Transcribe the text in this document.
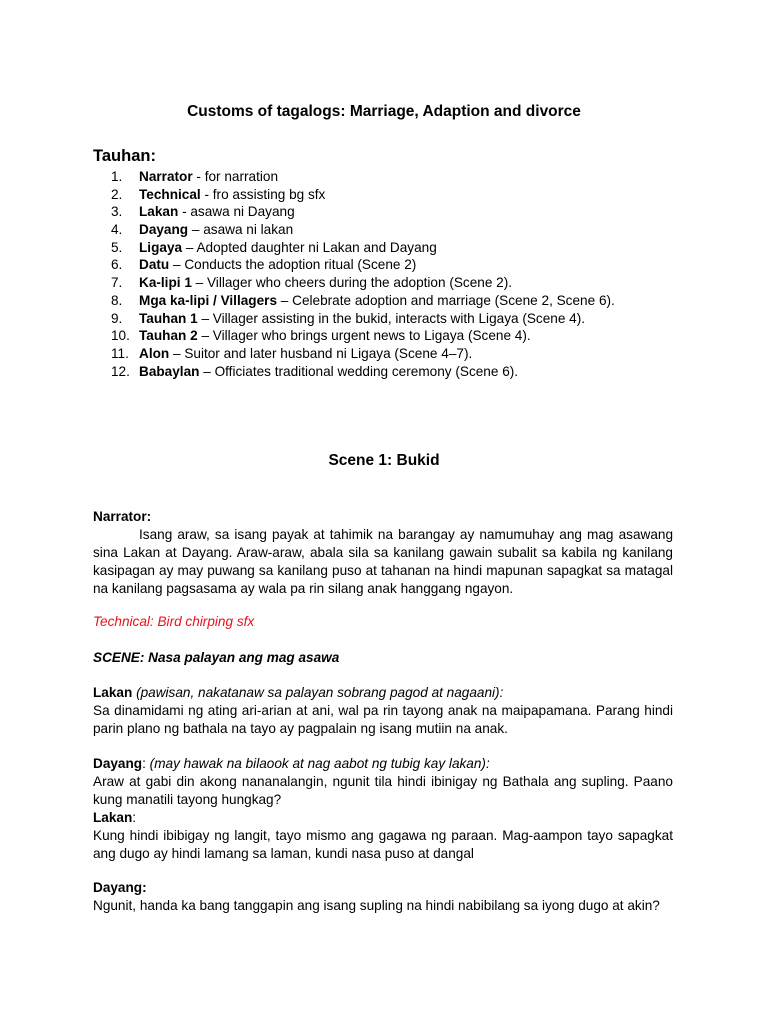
Customs of tagalogs: Marriage, Adaption and divorce
Tauhan:
1. Narrator - for narration
2. Technical - fro assisting bg sfx
3. Lakan - asawa ni Dayang
4. Dayang – asawa ni lakan
5. Ligaya – Adopted daughter ni Lakan and Dayang
6. Datu – Conducts the adoption ritual (Scene 2)
7. Ka-lipi 1 – Villager who cheers during the adoption (Scene 2).
8. Mga ka-lipi / Villagers – Celebrate adoption and marriage (Scene 2, Scene 6).
9. Tauhan 1 – Villager assisting in the bukid, interacts with Ligaya (Scene 4).
10. Tauhan 2 – Villager who brings urgent news to Ligaya (Scene 4).
11. Alon – Suitor and later husband ni Ligaya (Scene 4–7).
12. Babaylan – Officiates traditional wedding ceremony (Scene 6).
Scene 1: Bukid
Narrator:
Isang araw, sa isang payak at tahimik na barangay ay namumuhay ang mag asawang sina Lakan at Dayang. Araw-araw, abala sila sa kanilang gawain subalit sa kabila ng kanilang kasipagan ay may puwang sa kanilang puso at tahanan na hindi mapunan sapagkat sa matagal na kanilang pagsasama ay wala pa rin silang anak hanggang ngayon.
Technical: Bird chirping sfx
SCENE: Nasa palayan ang mag asawa
Lakan (pawisan, nakatanaw sa palayan sobrang pagod at nagaani):
Sa dinamidami ng ating ari-arian at ani, wal pa rin tayong anak na maipapamana. Parang hindi parin plano ng bathala na tayo ay pagpalain ng isang mutiin na anak.
Dayang: (may hawak na bilaook at nag aabot ng tubig kay lakan):
Araw at gabi din akong nananalangin, ngunit tila hindi ibinigay ng Bathala ang supling. Paano kung manatili tayong hungkag?
Lakan:
Kung hindi ibibigay ng langit, tayo mismo ang gagawa ng paraan. Mag-aampon tayo sapagkat ang dugo ay hindi lamang sa laman, kundi nasa puso at dangal
Dayang:
Ngunit, handa ka bang tanggapin ang isang supling na hindi nabibilang sa iyong dugo at akin?
